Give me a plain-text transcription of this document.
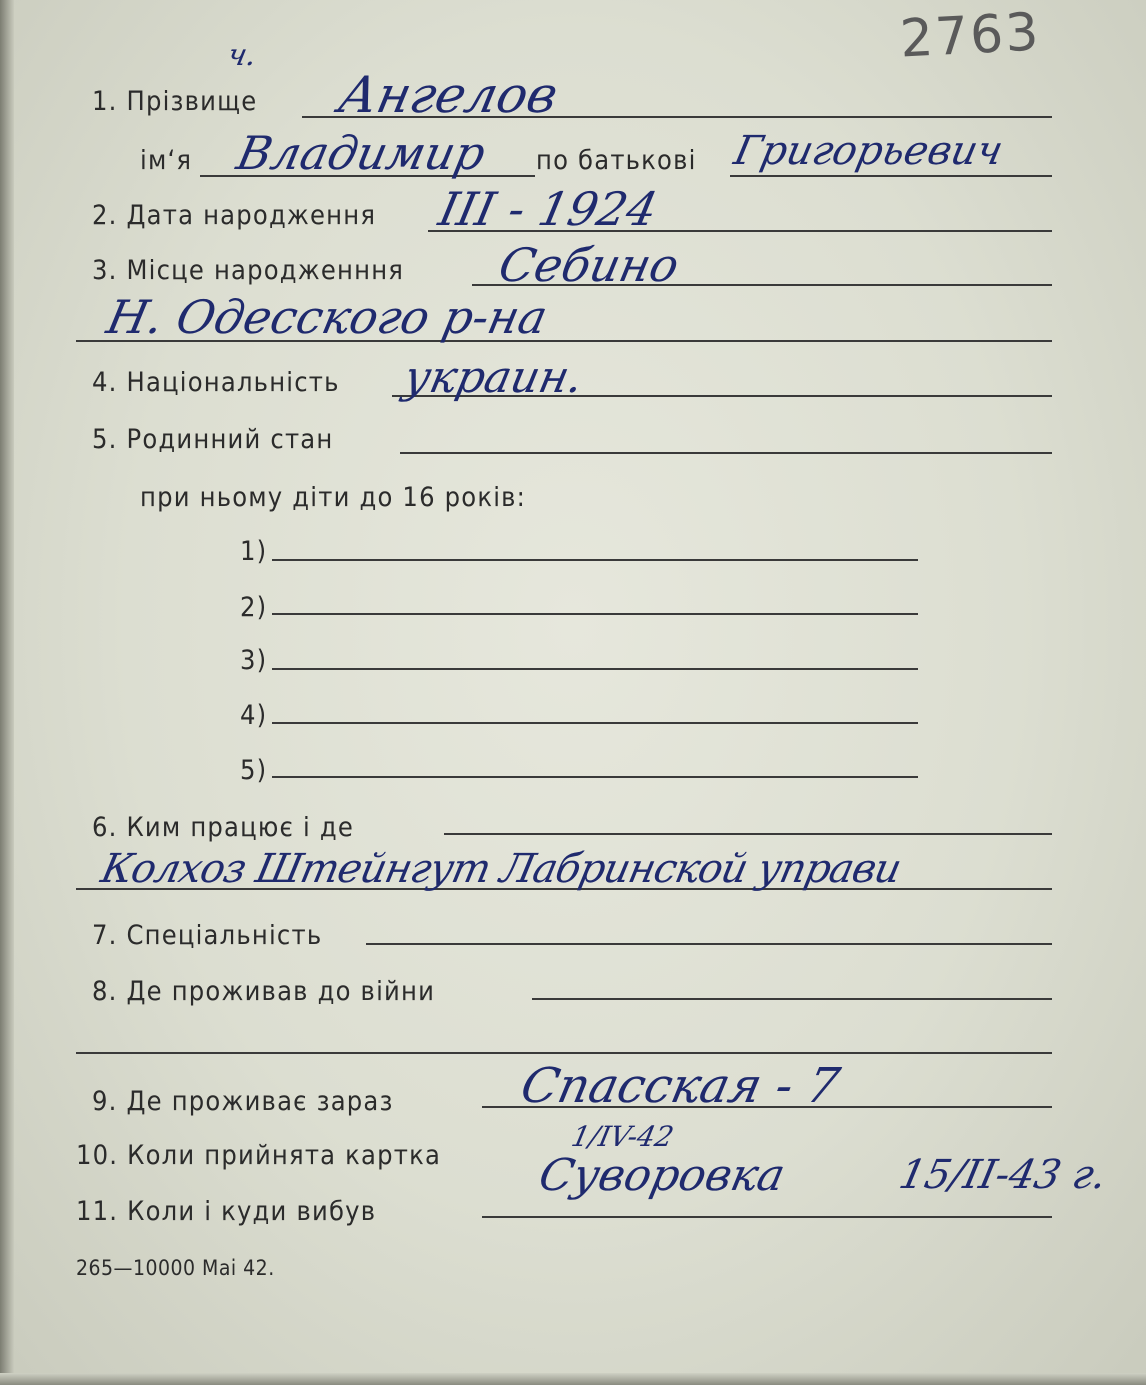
2763
ч.
1. Прізвище Ангелов
ім‘я Владимир по батькові Григорьевич
2. Дата народження III - 1924
3. Місце народженння Себино
Н. Одесского р-на
4. Національність украин.
5. Родинний стан
при ньому діти до 16 років:
1)
2)
3)
4)
5)
6. Ким працює і де
Колхоз Штейнгут Лабринской управи
7. Спеціальність
8. Де проживав до війни
9. Де проживає зараз	Спасская - 7
10. Коли прийнята картка
1/IV-42
11. Коли і куди вибув
Суворовка	15/II-43 г.
265—10000 Mai 42.
